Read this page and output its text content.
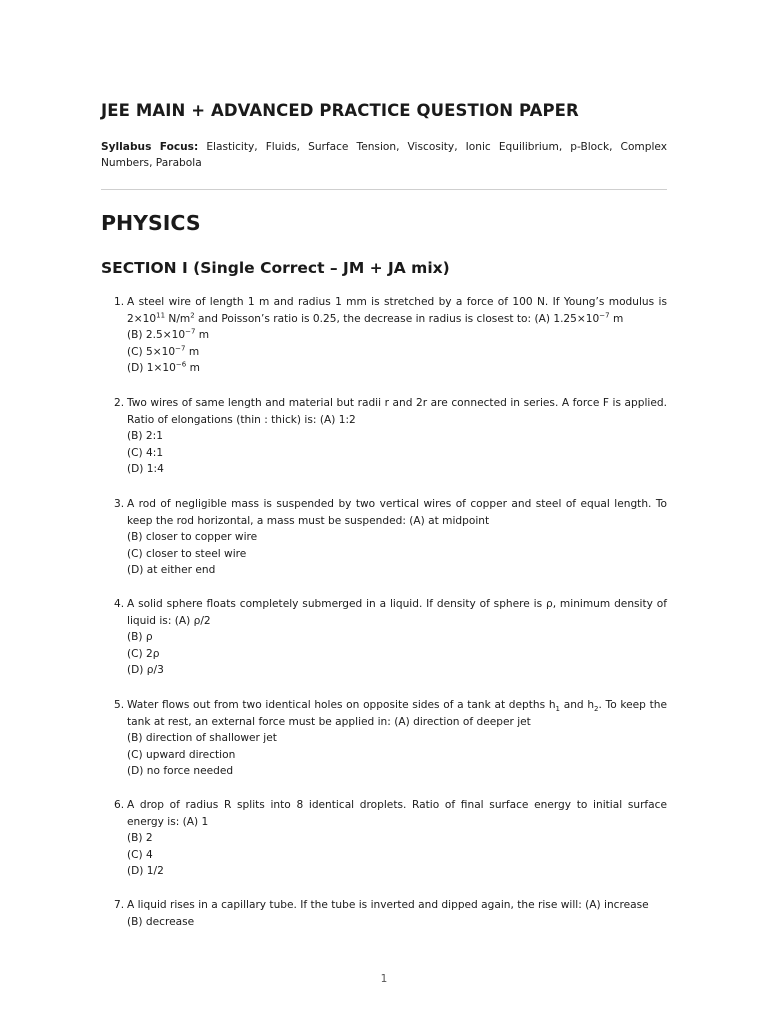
JEE MAIN + ADVANCED PRACTICE QUESTION PAPER

Syllabus Focus: Elasticity, Fluids, Surface Tension, Viscosity, Ionic Equilibrium, p-Block, Complex Numbers, Parabola

PHYSICS
SECTION I (Single Correct – JM + JA mix)
1. A steel wire of length 1 m and radius 1 mm is stretched by a force of 100 N. If Young’s modulus is $2\times 10^{11}$ $N/m^2$ and Poisson’s ratio is 0.25, the decrease in radius is closest to: (A) $1.25\times 10^{-7}$ m

(B) $2.5\times 10^{-7}$ m

(C) $5\times 10^{-7}$ m

(D) $1\times 10^{-6}$ m

2. Two wires of same length and material but radii r and 2r are connected in series. A force F is applied. Ratio of elongations (thin : thick) is: (A) 1:2

(B) 2:1

(C) 4:1

(D) 1:4

3. A rod of negligible mass is suspended by two vertical wires of copper and steel of equal length. To keep the rod horizontal, a mass must be suspended: (A) at midpoint

(B) closer to copper wire

(C) closer to steel wire

(D) at either end

4. A solid sphere floats completely submerged in a liquid. If density of sphere is ρ, minimum density of liquid is: (A) ρ/2

(B) ρ

(C) 2ρ

(D) ρ/3

5. Water flows out from two identical holes on opposite sides of a tank at depths $h_1$ and $h_2$. To keep the tank at rest, an external force must be applied in: (A) direction of deeper jet

(B) direction of shallower jet

(C) upward direction

(D) no force needed

6. A drop of radius R splits into 8 identical droplets. Ratio of final surface energy to initial surface energy is: (A) 1

(B) 2

(C) 4

(D) 1/2

7. A liquid rises in a capillary tube. If the tube is inverted and dipped again, the rise will: (A) increase

(B) decrease

1
